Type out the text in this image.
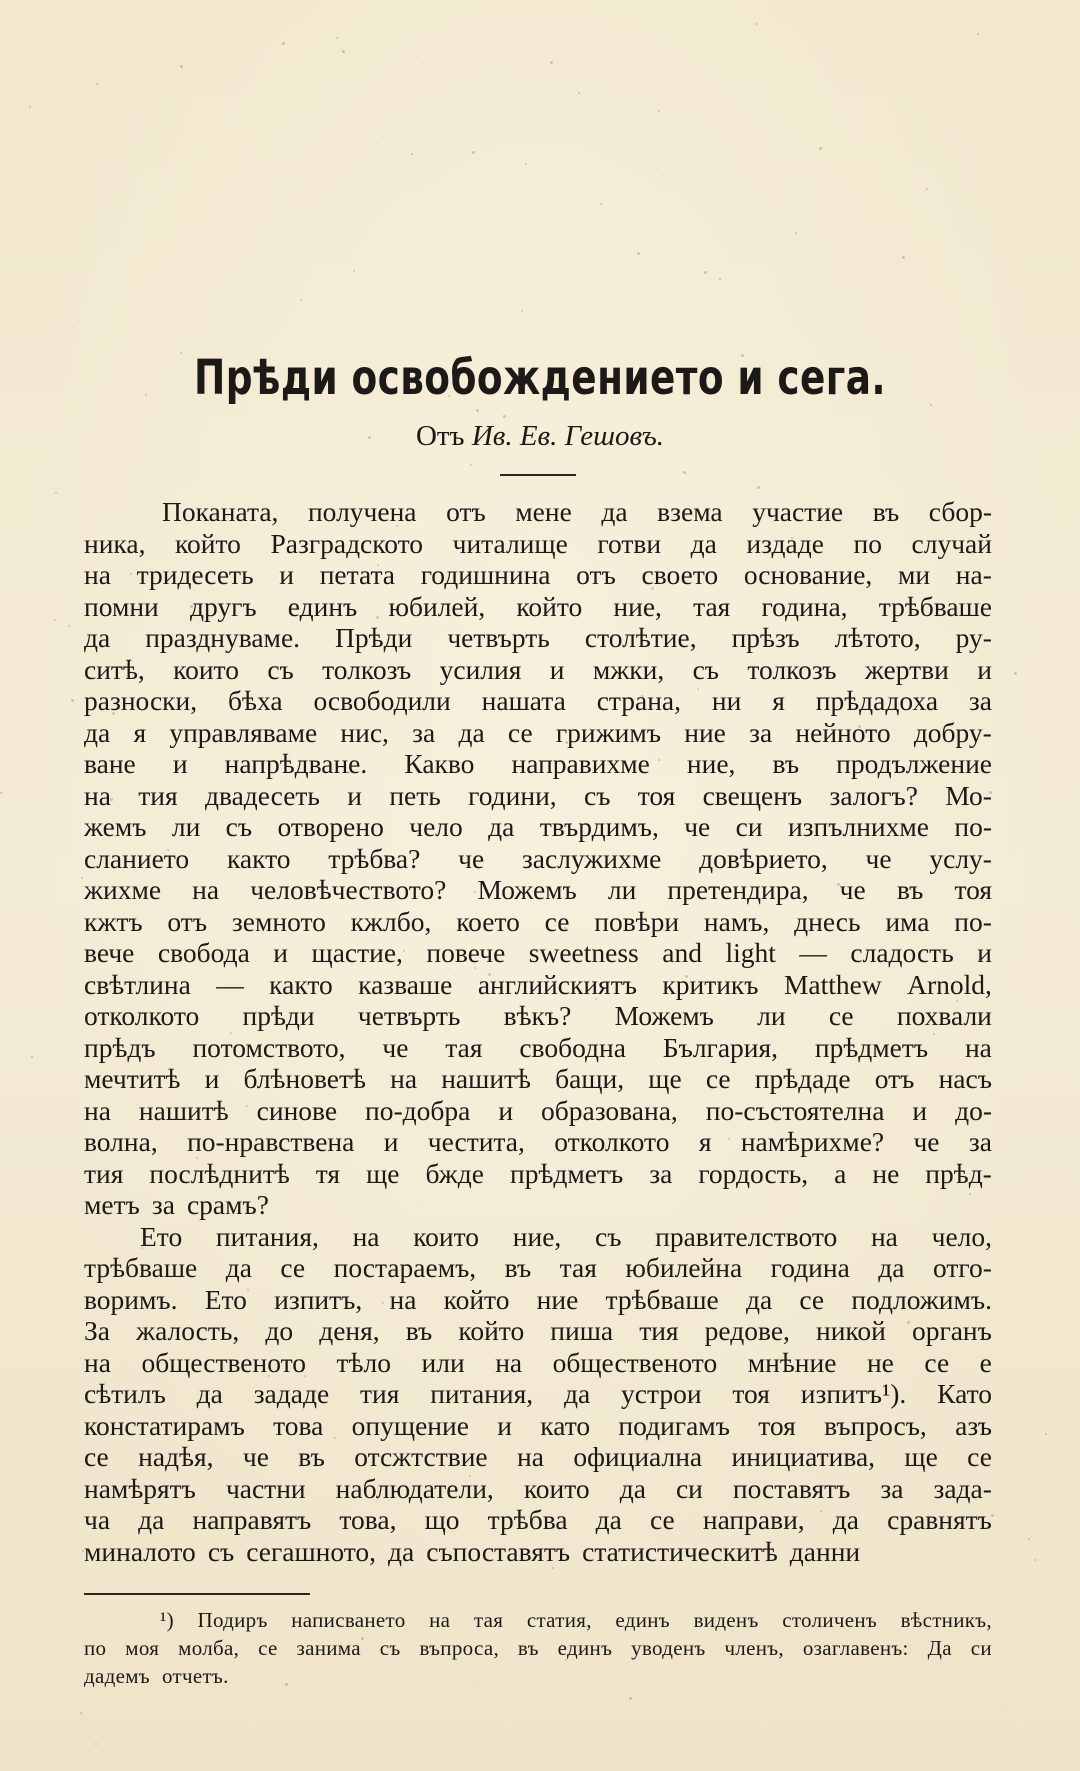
Прѣди освобождението и сега.

Отъ Ив. Ев. Гешовъ.

Поканата, получена отъ мене да взема участие въ сбор-
ника, който Разградското читалище готви да издаде по случай
на тридесеть и петата годишнина отъ своето основание, ми на-
помни другъ единъ юбилей, който ние, тая година, трѣбваше
да празднуваме. Прѣди четвърть столѣтие, прѣзъ лѣтото, ру-
ситѣ, които съ толкозъ усилия и мжки, съ толкозъ жертви и
разноски, бѣха освободили нашата страна, ни я прѣдадоха за
да я управляваме нис, за да се грижимъ ние за нейното добру-
ване и напрѣдване. Какво направихме ние, въ продължение
на тия двадесеть и петь години, съ тоя свещенъ залогъ? Мо-
жемъ ли съ отворено чело да твърдимъ, че си изпълнихме по-
сланието както трѣбва? че заслужихме довѣрието, че услу-
жихме на человѣчеството? Можемъ ли претендира, че въ тоя
кжтъ отъ земното кжлбо, което се повѣри намъ, днесь има по-
вече свобода и щастие, повече sweetness and light — сладость и
свѣтлина — както казваше английскиятъ критикъ Matthew Arnold,
отколкото прѣди четвърть вѣкъ? Можемъ ли се похвали
прѣдъ потомството, че тая свободна България, прѣдметъ на
мечтитѣ и блѣноветѣ на нашитѣ бащи, ще се прѣдаде отъ насъ
на нашитѣ синове по-добра и образована, по-състоятелна и до-
волна, по-нравствена и честита, отколкото я намѣрихме? че за
тия послѣднитѣ тя ще бжде прѣдметъ за гордость, а не прѣд-
метъ за срамъ?
Ето питания, на които ние, съ правителството на чело,
трѣбваше да се постараемъ, въ тая юбилейна година да отго-
воримъ. Ето изпитъ, на който ние трѣбваше да се подложимъ.
За жалость, до деня, въ който пиша тия редове, никой органъ
на общественото тѣло или на общественото мнѣние не се е
сѣтилъ да зададе тия питания, да устрои тоя изпитъ¹). Като
констатирамъ това опущение и като подигамъ тоя въпросъ, азъ
се надѣя, че въ отсжтствие на официална инициатива, ще се
намѣрятъ частни наблюдатели, които да си поставятъ за зада-
ча да направятъ това, що трѣбва да се направи, да сравнятъ
миналото съ сегашното, да съпоставятъ статистическитѣ данни
¹) Подиръ написването на тая статия, единъ виденъ столиченъ вѣстникъ,
по моя молба, се занима съ въпроса, въ единъ уводенъ членъ, озаглавенъ: Да си
дадемъ отчетъ.
